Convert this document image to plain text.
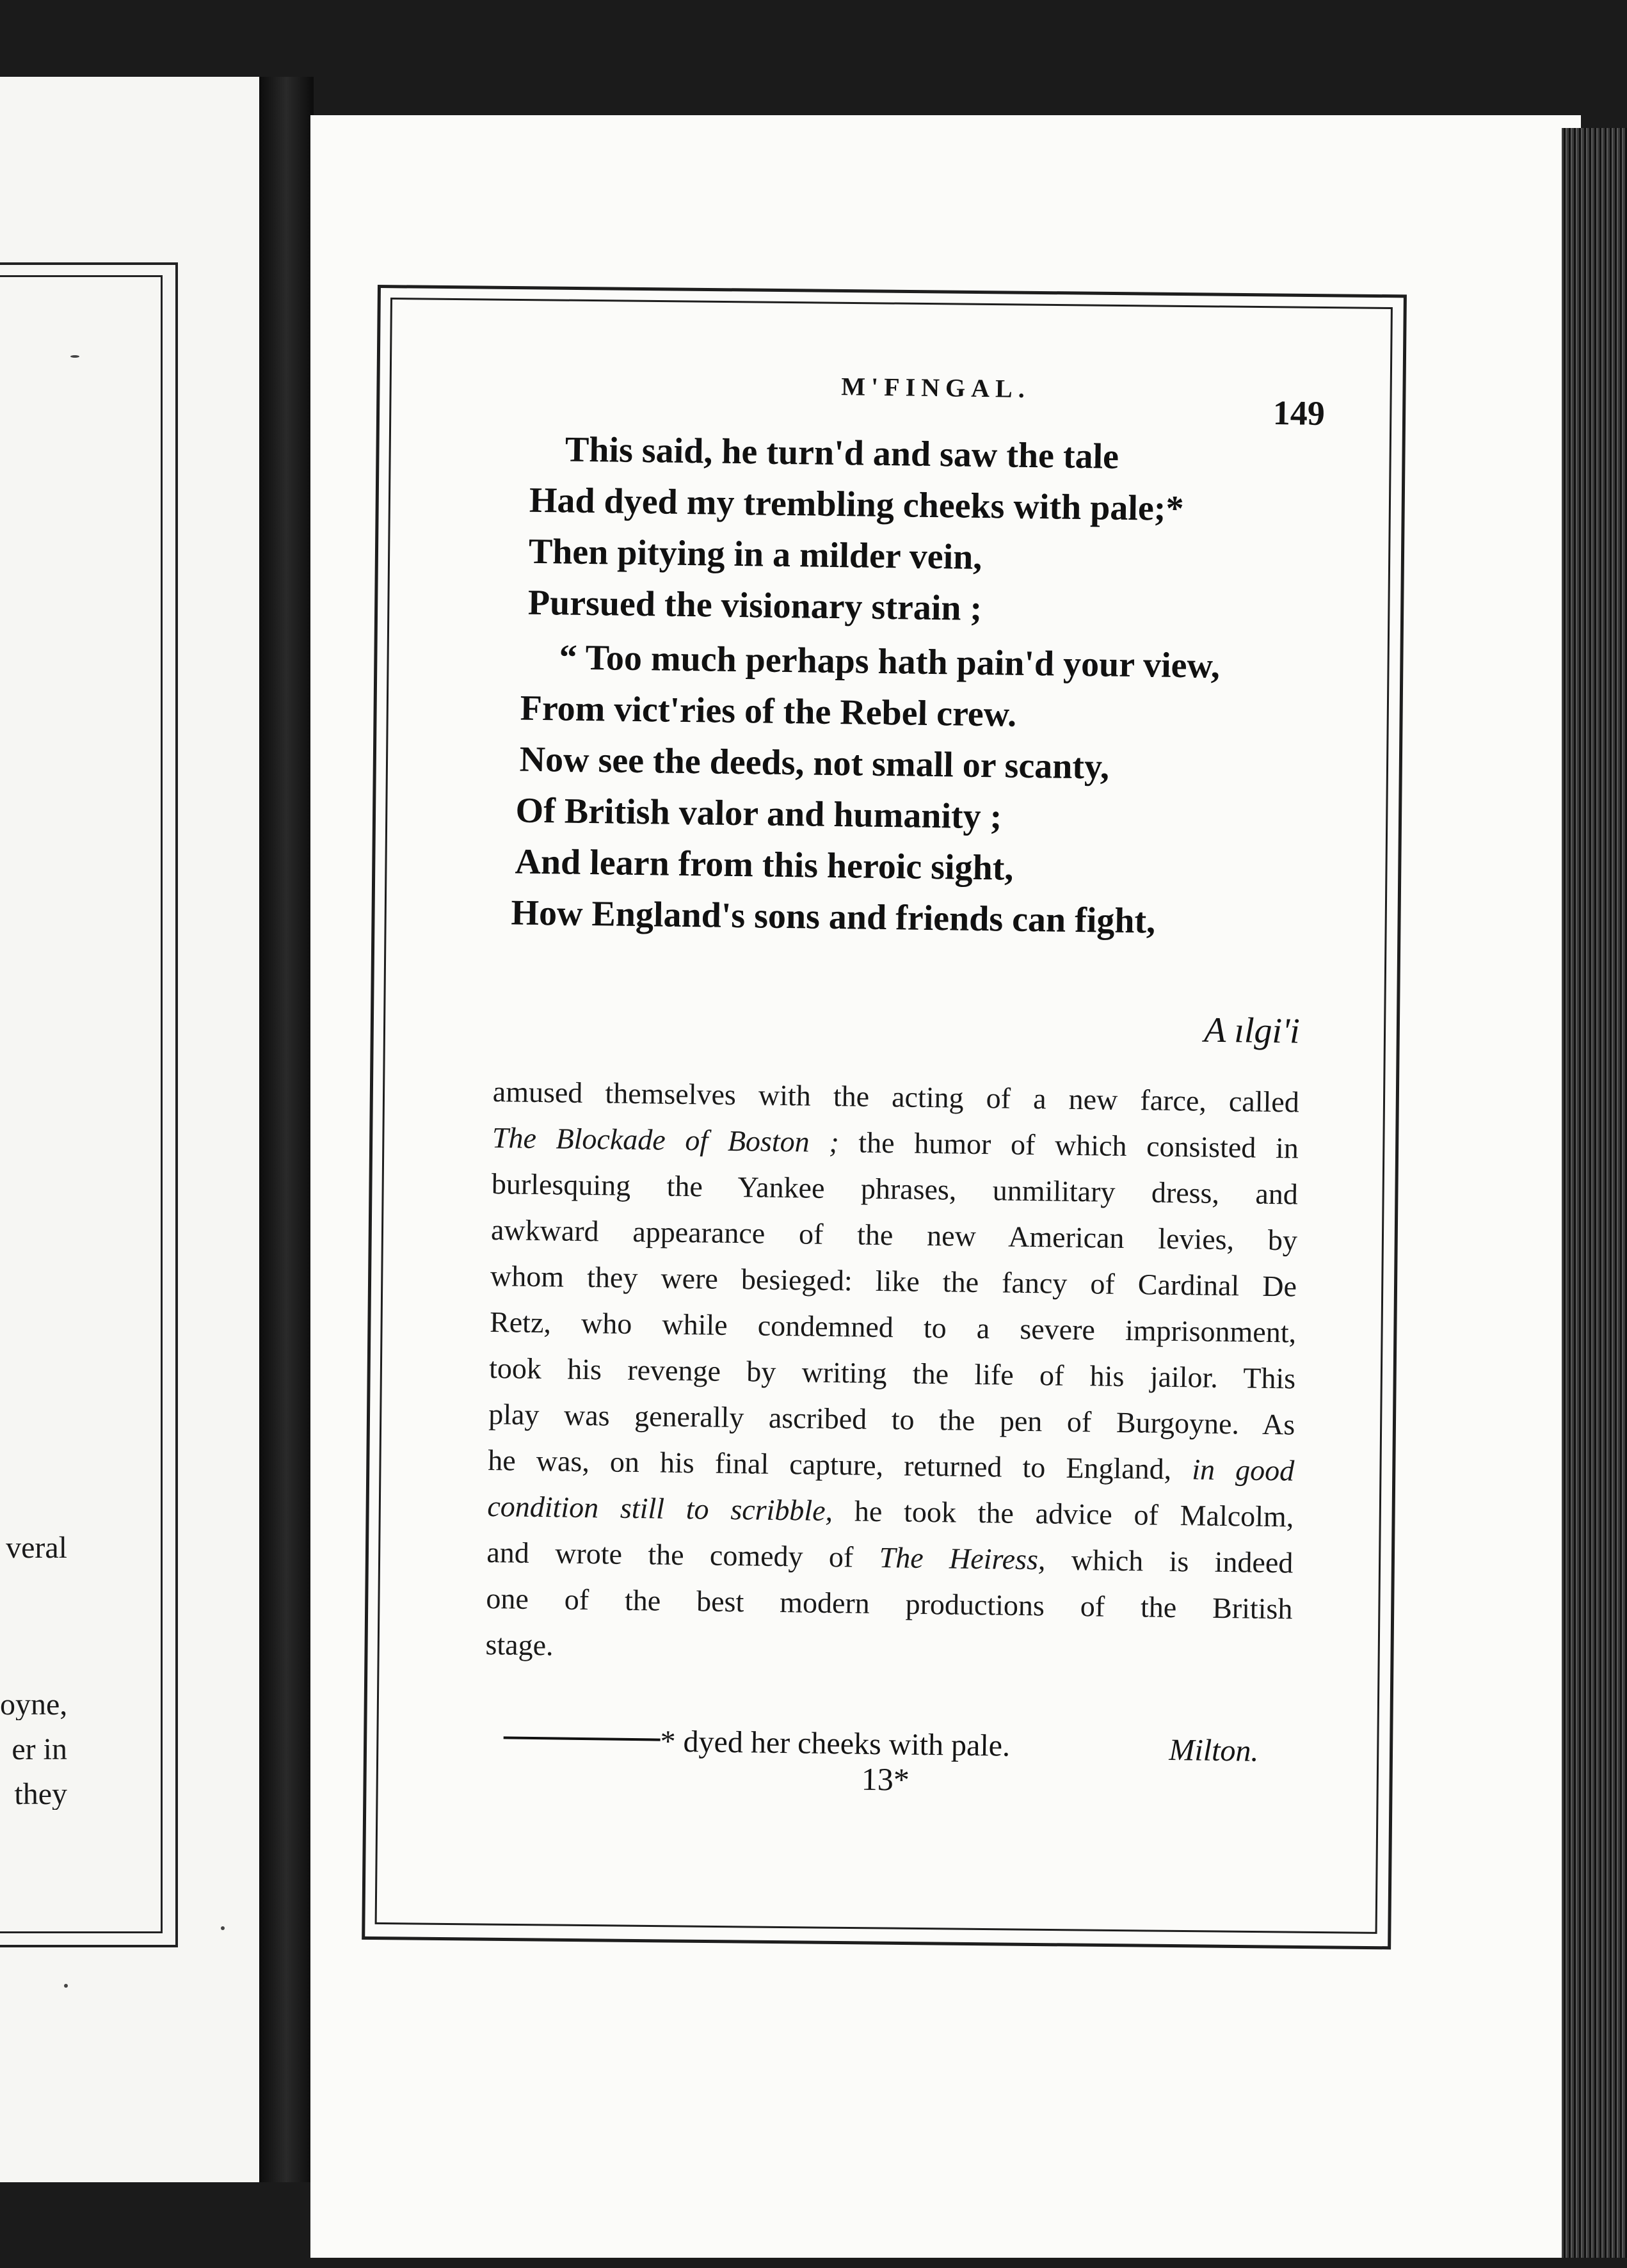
veral
oyne,
er in
they
M'FINGAL.
149
This said, he turn'd and saw the tale
Had dyed my trembling cheeks with pale;*
Then pitying in a milder vein,
Pursued the visionary strain ;
“ Too much perhaps hath pain'd your view,
From vict'ries of the Rebel crew.
Now see the deeds, not small or scanty,
Of British valor and humanity ;
And learn from this heroic sight,
How England's sons and friends can fight,
A ılgi'i
amused themselves with the acting of a new farce, called
The Blockade of Boston ; the humor of which consisted in
burlesquing the Yankee phrases, unmilitary dress, and
awkward appearance of the new American levies, by
whom they were besieged: like the fancy of Cardinal De
Retz, who while condemned to a severe imprisonment,
took his revenge by writing the life of his jailor. This
play was generally ascribed to the pen of Burgoyne. As
he was, on his final capture, returned to England, in good
condition still to scribble, he took the advice of Malcolm,
and wrote the comedy of The Heiress, which is indeed
one of the best modern productions of the British
stage.
* dyed her cheeks with pale.	Milton.
13*
